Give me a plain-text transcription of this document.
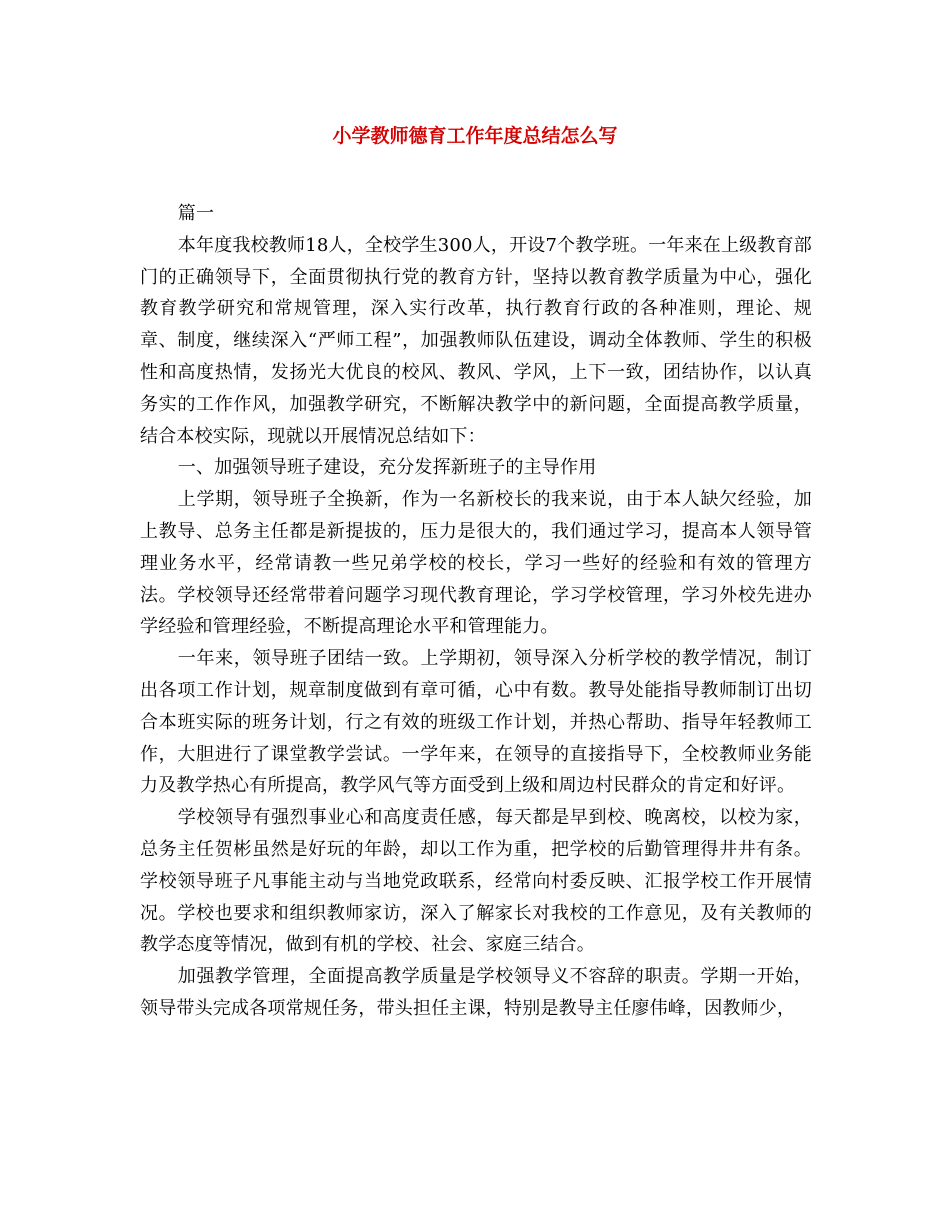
小学教师德育工作年度总结怎么写

篇一

本年度我校教师18人，全校学生300人，开设7个教学班。一年来在上级教育部门的正确领导下，全面贯彻执行党的教育方针，坚持以教育教学质量为中心，强化教育教学研究和常规管理，深入实行改革，执行教育行政的各种准则，理论、规章、制度，继续深入“严师工程”，加强教师队伍建设，调动全体教师、学生的积极性和高度热情，发扬光大优良的校风、教风、学风，上下一致，团结协作，以认真务实的工作作风，加强教学研究，不断解决教学中的新问题，全面提高教学质量，结合本校实际，现就以开展情况总结如下：

一、加强领导班子建设，充分发挥新班子的主导作用

上学期，领导班子全换新，作为一名新校长的我来说，由于本人缺欠经验，加上教导、总务主任都是新提拔的，压力是很大的，我们通过学习，提高本人领导管理业务水平，经常请教一些兄弟学校的校长，学习一些好的经验和有效的管理方法。学校领导还经常带着问题学习现代教育理论，学习学校管理，学习外校先进办学经验和管理经验，不断提高理论水平和管理能力。

一年来，领导班子团结一致。上学期初，领导深入分析学校的教学情况，制订出各项工作计划，规章制度做到有章可循，心中有数。教导处能指导教师制订出切合本班实际的班务计划，行之有效的班级工作计划，并热心帮助、指导年轻教师工作，大胆进行了课堂教学尝试。一学年来，在领导的直接指导下，全校教师业务能力及教学热心有所提高，教学风气等方面受到上级和周边村民群众的肯定和好评。

学校领导有强烈事业心和高度责任感，每天都是早到校、晚离校，以校为家，总务主任贺彬虽然是好玩的年龄，却以工作为重，把学校的后勤管理得井井有条。学校领导班子凡事能主动与当地党政联系，经常向村委反映、汇报学校工作开展情况。学校也要求和组织教师家访，深入了解家长对我校的工作意见，及有关教师的教学态度等情况，做到有机的学校、社会、家庭三结合。

加强教学管理，全面提高教学质量是学校领导义不容辞的职责。学期一开始，领导带头完成各项常规任务，带头担任主课，特别是教导主任廖伟峰，因教师少，
